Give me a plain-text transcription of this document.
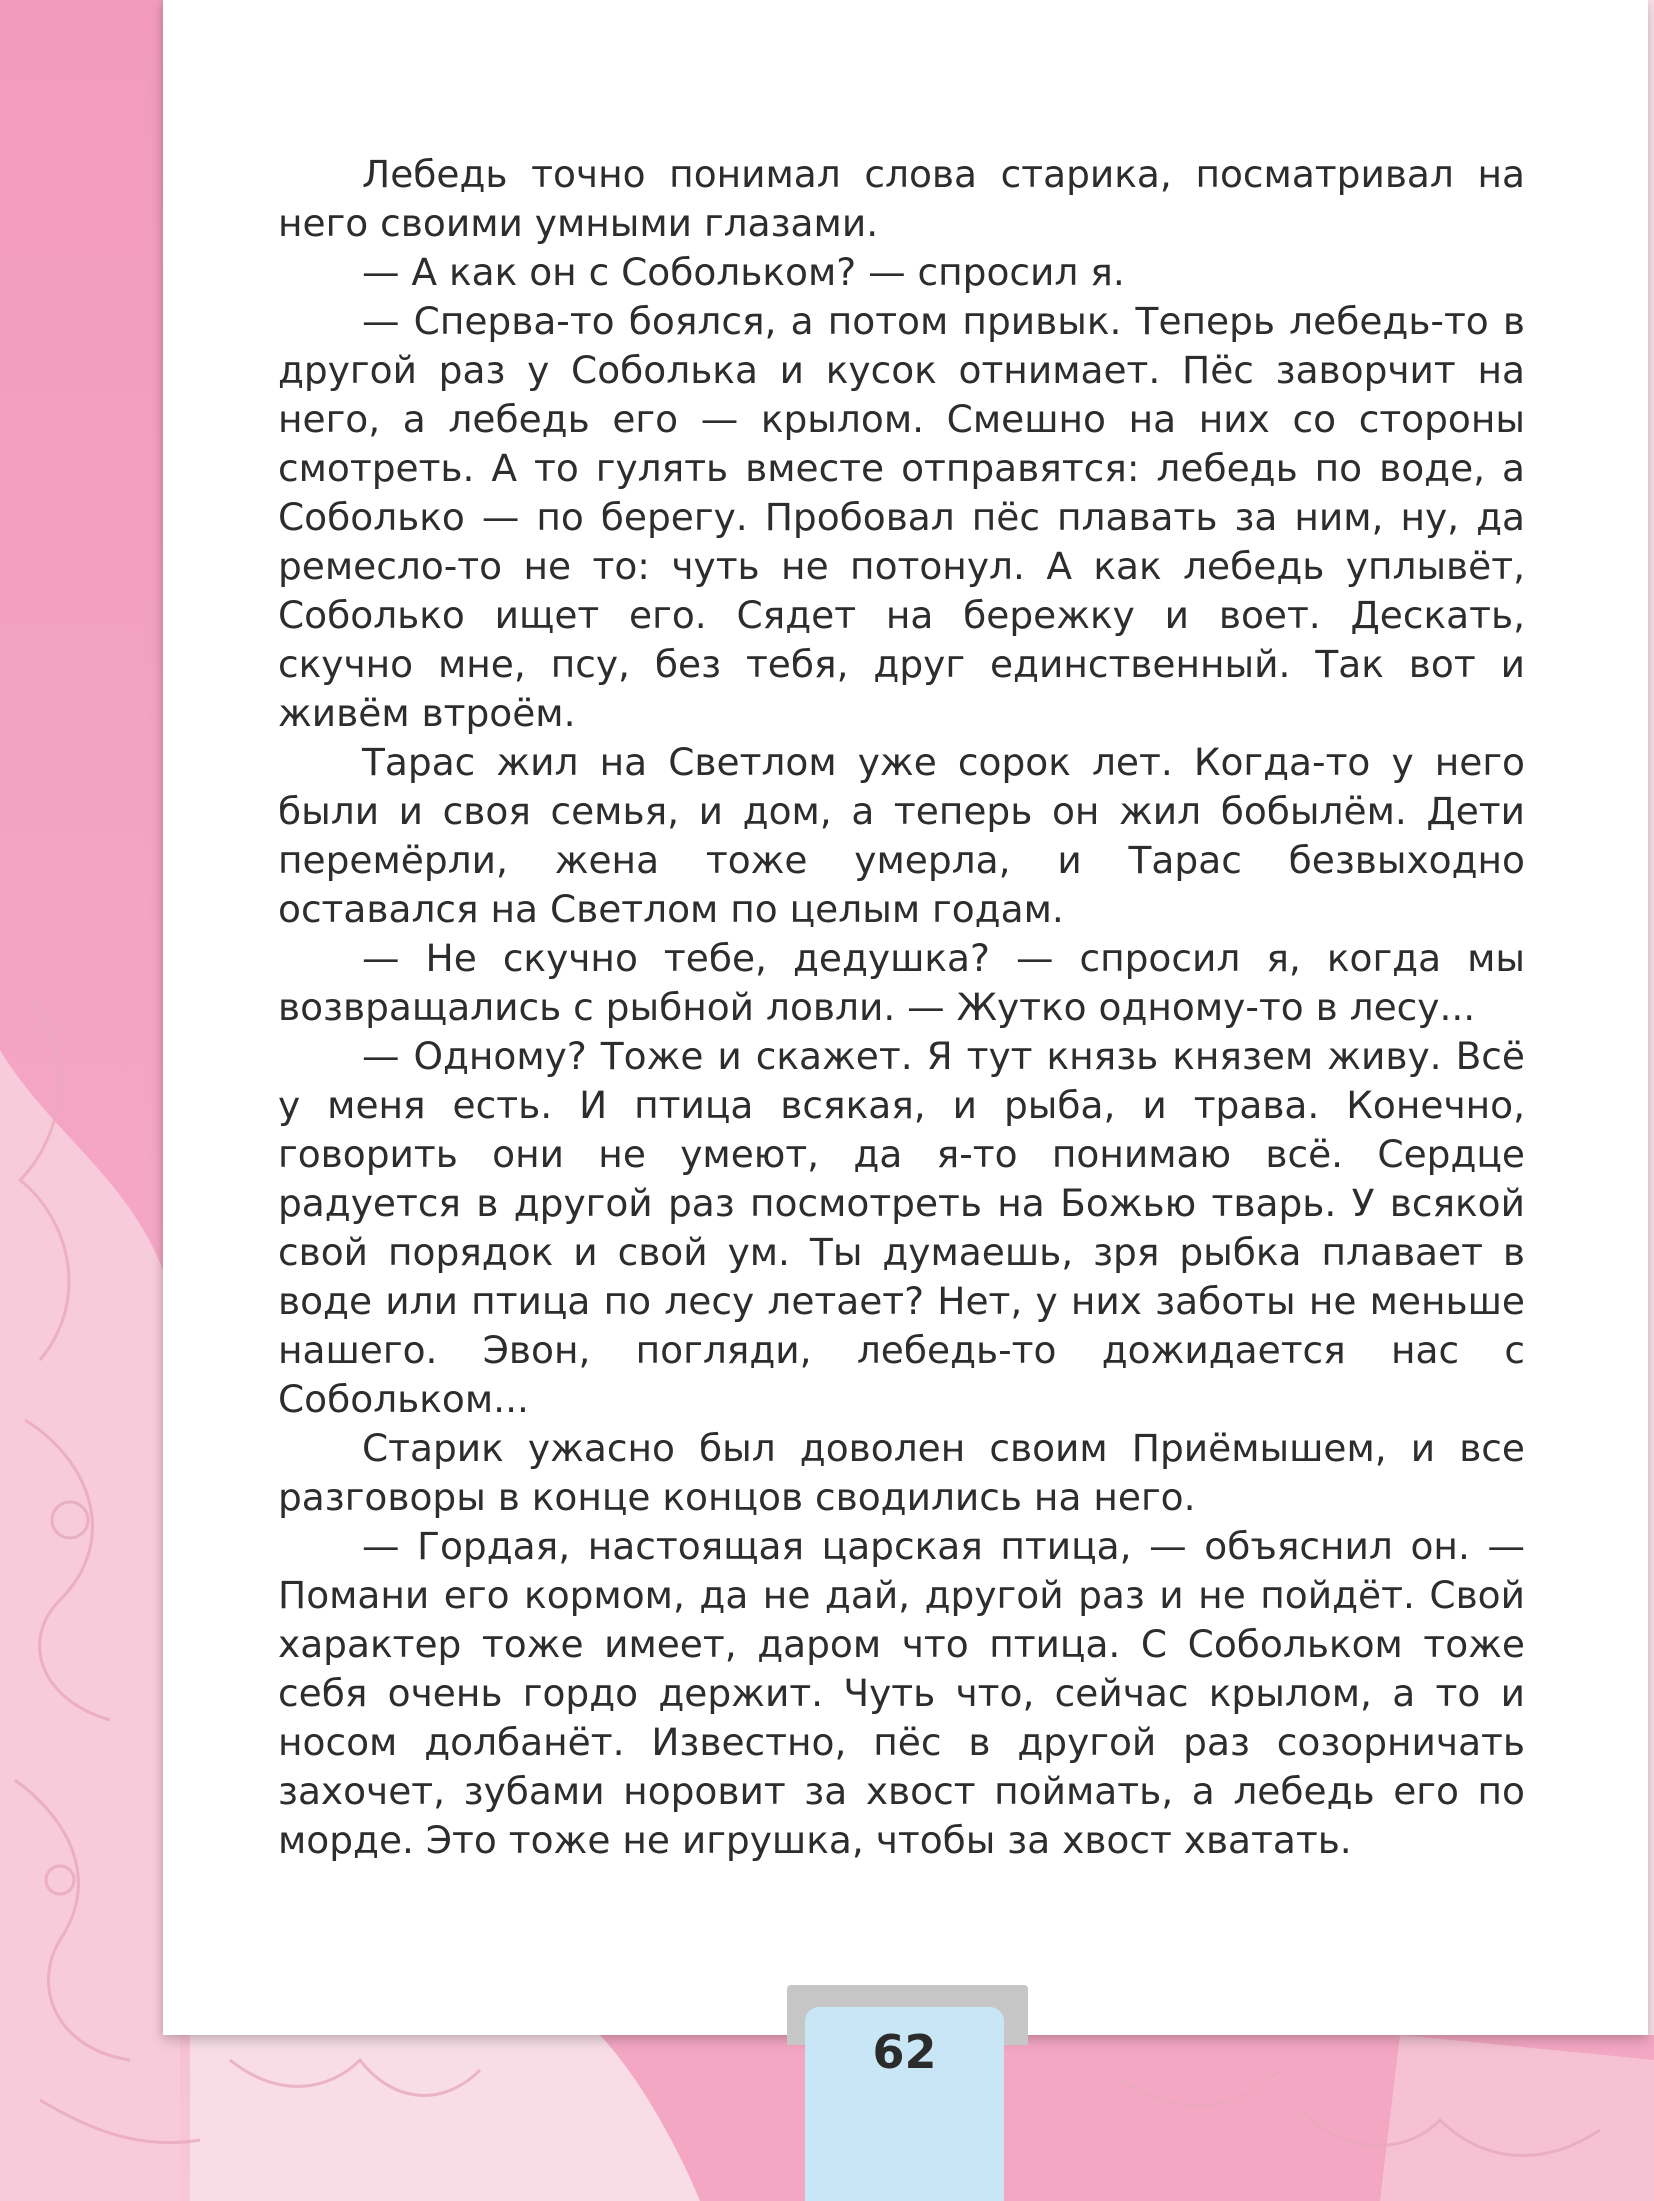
Лебедь точно понимал слова старика, посматривал на него своими умными глазами.

— А как он с Собольком? — спросил я.

— Сперва-то боялся, а потом привык. Теперь лебедь-то в другой раз у Соболька и кусок отнимает. Пёс заворчит на него, а лебедь его — крылом. Смешно на них со стороны смотреть. А то гулять вместе отправятся: лебедь по воде, а Соболько — по берегу. Пробовал пёс плавать за ним, ну, да ремесло-то не то: чуть не потонул. А как лебедь уплывёт, Соболько ищет его. Сядет на бережку и воет. Дескать, скучно мне, псу, без тебя, друг единственный. Так вот и живём втроём.

Тарас жил на Светлом уже сорок лет. Когда-то у него были и своя семья, и дом, а теперь он жил бобылём. Дети перемёрли, жена тоже умерла, и Тарас безвыходно оставался на Светлом по целым годам.

— Не скучно тебе, дедушка? — спросил я, когда мы возвращались с рыбной ловли. — Жутко одному-то в лесу...

— Одному? Тоже и скажет. Я тут князь князем живу. Всё у меня есть. И птица всякая, и рыба, и трава. Конечно, говорить они не умеют, да я-то понимаю всё. Сердце радуется в другой раз посмотреть на Божью тварь. У всякой свой порядок и свой ум. Ты думаешь, зря рыбка плавает в воде или птица по лесу летает? Нет, у них заботы не меньше нашего. Эвон, погляди, лебедь-то дожидается нас с Собольком...

Старик ужасно был доволен своим Приёмышем, и все разговоры в конце концов сводились на него.

— Гордая, настоящая царская птица, — объяснил он. — Помани его кормом, да не дай, другой раз и не пойдёт. Свой характер тоже имеет, даром что птица. С Собольком тоже себя очень гордо держит. Чуть что, сейчас крылом, а то и носом долбанёт. Известно, пёс в другой раз созорничать захочет, зубами норовит за хвост поймать, а лебедь его по морде. Это тоже не игрушка, чтобы за хвост хватать.

62
